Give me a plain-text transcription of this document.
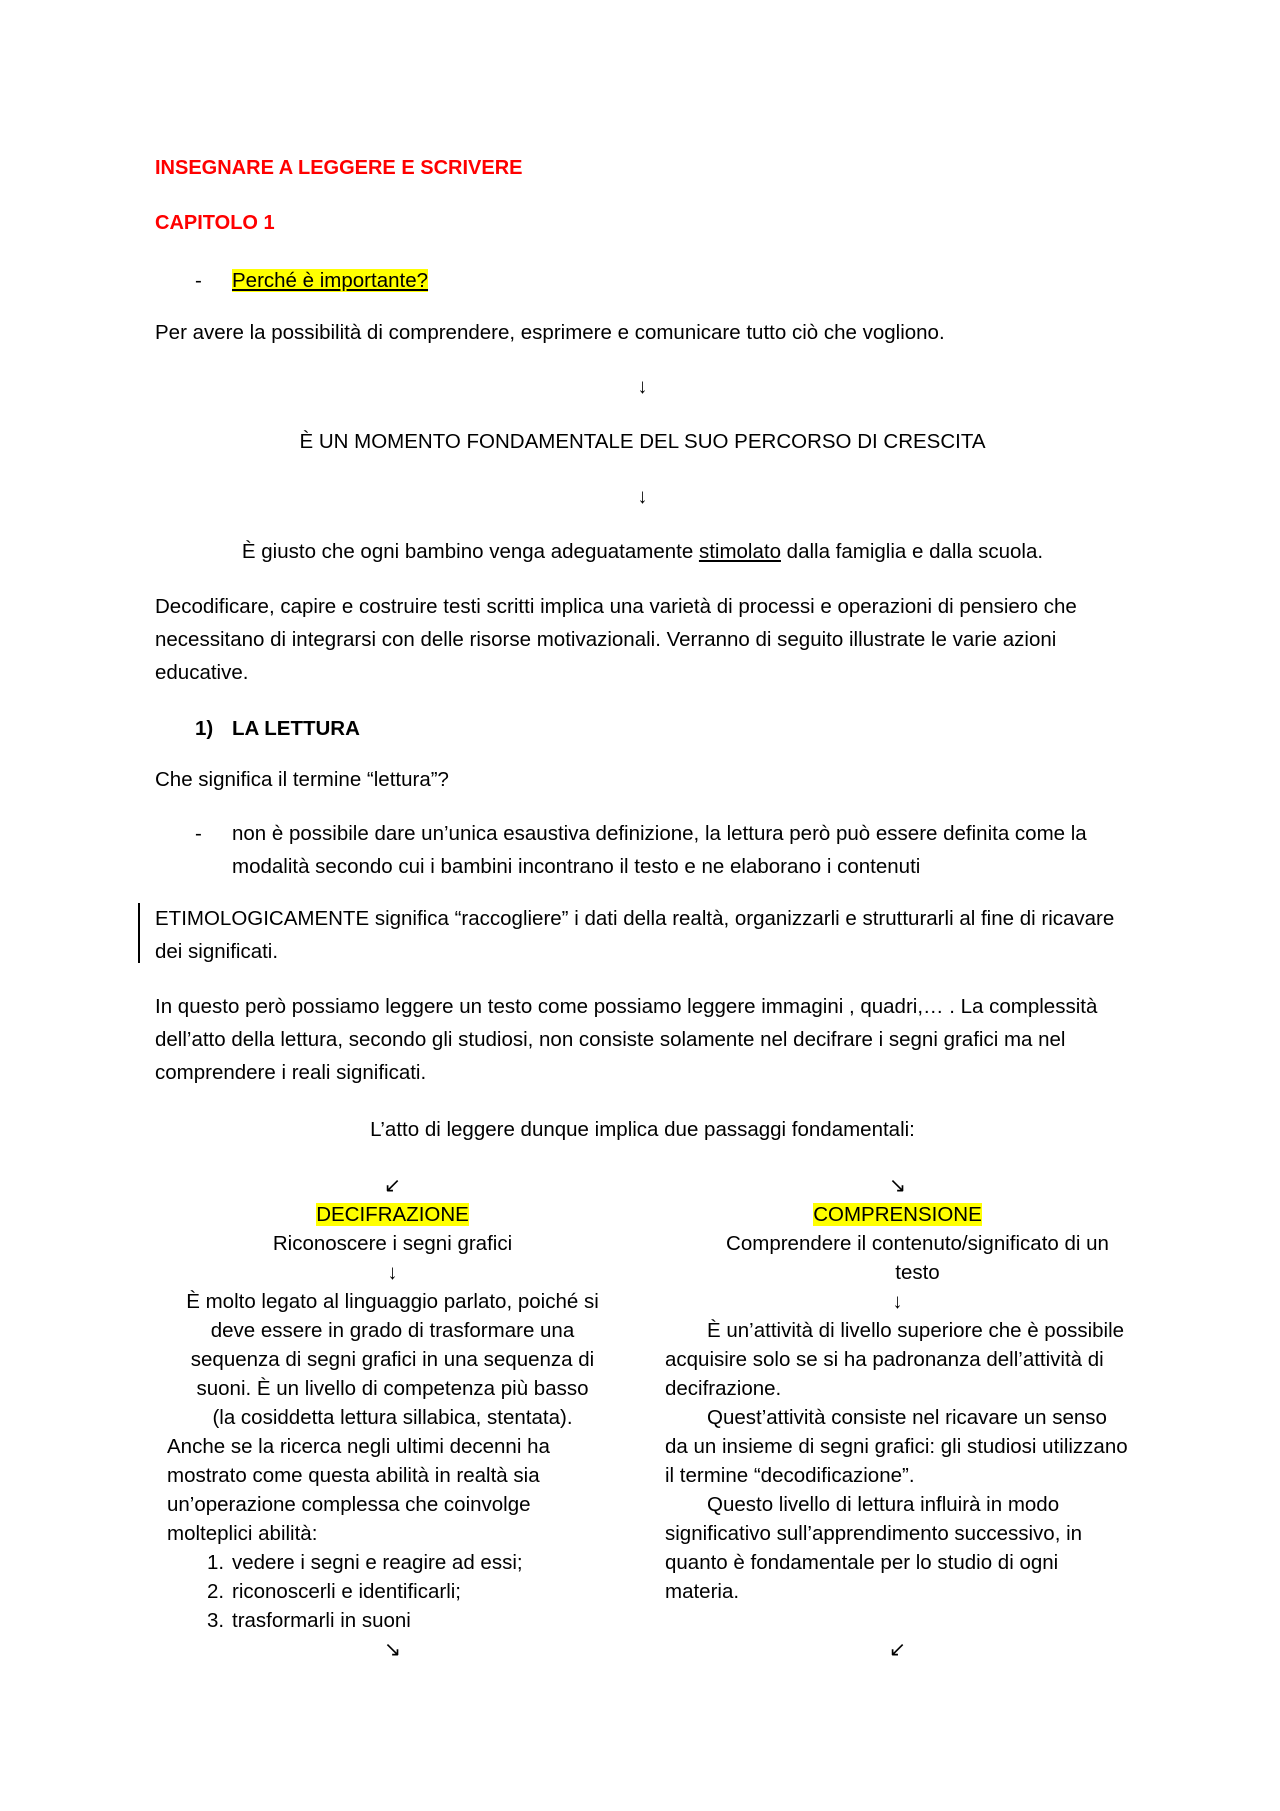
INSEGNARE A LEGGERE E SCRIVERE
CAPITOLO 1
- Perché è importante?
Per avere la possibilità di comprendere, esprimere e comunicare tutto ciò che vogliono.
↓
È UN MOMENTO FONDAMENTALE DEL SUO PERCORSO DI CRESCITA
↓
È giusto che ogni bambino venga adeguatamente stimolato dalla famiglia e dalla scuola.
Decodificare, capire e costruire testi scritti implica una varietà di processi e operazioni di pensiero che necessitano di integrarsi con delle risorse motivazionali. Verranno di seguito illustrate le varie azioni educative.
1) LA LETTURA
Che significa il termine “lettura”?
- non è possibile dare un’unica esaustiva definizione, la lettura però può essere definita come la modalità secondo cui i bambini incontrano il testo e ne elaborano i contenuti
ETIMOLOGICAMENTE significa “raccogliere” i dati della realtà, organizzarli e strutturarli al fine di ricavare dei significati.
In questo però possiamo leggere un testo come possiamo leggere immagini , quadri,… . La complessità dell’atto della lettura, secondo gli studiosi, non consiste solamente nel decifrare i segni grafici ma nel comprendere i reali significati.
L’atto di leggere dunque implica due passaggi fondamentali:
↙
DECIFRAZIONE
Riconoscere i segni grafici
↓
È molto legato al linguaggio parlato, poiché si deve essere in grado di trasformare una sequenza di segni grafici in una sequenza di suoni. È un livello di competenza più basso (la cosiddetta lettura sillabica, stentata).
Anche se la ricerca negli ultimi decenni ha mostrato come questa abilità in realtà sia un’operazione complessa che coinvolge molteplici abilità:
1. vedere i segni e reagire ad essi;
2. riconoscerli e identificarli;
3. trasformarli in suoni
↘
↘
COMPRENSIONE
Comprendere il contenuto/significato di un testo
↓
È un’attività di livello superiore che è possibile acquisire solo se si ha padronanza dell’attività di decifrazione.
Quest’attività consiste nel ricavare un senso da un insieme di segni grafici: gli studiosi utilizzano il termine “decodificazione”.
Questo livello di lettura influirà in modo significativo sull’apprendimento successivo, in quanto è fondamentale per lo studio di ogni materia.
↙
